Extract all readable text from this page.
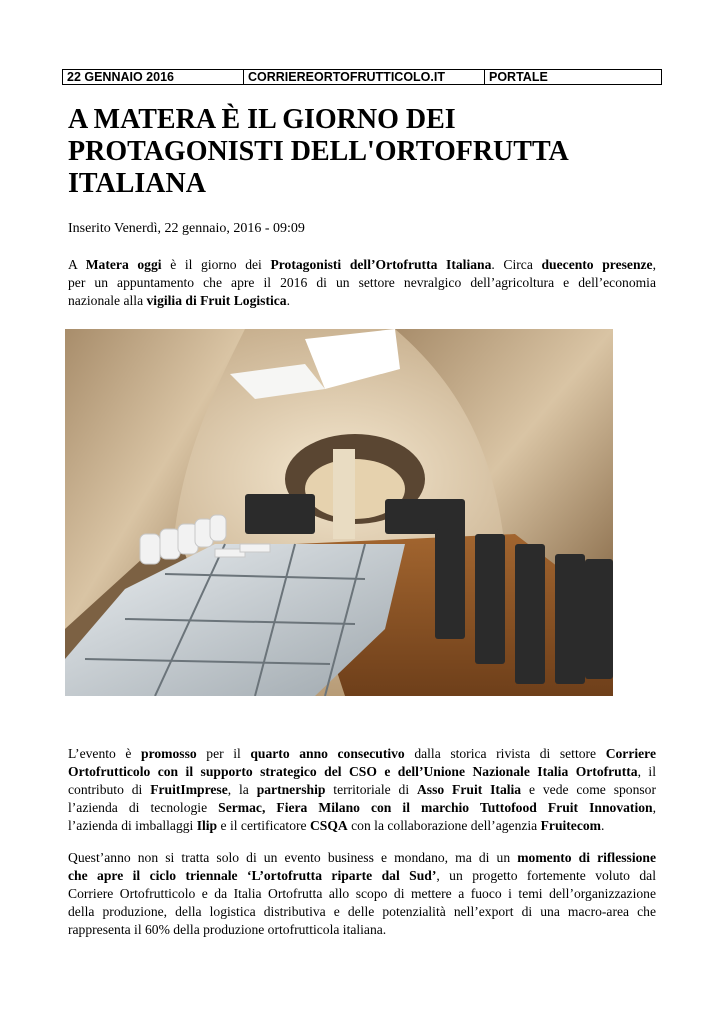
22 GENNAIO 2016	CORRIEREORTOFRUTTICOLO.IT	PORTALE
A MATERA È IL GIORNO DEI
PROTAGONISTI DELL'ORTOFRUTTA
ITALIANA
Inserito Venerdì, 22 gennaio, 2016 - 09:09

A Matera oggi è il giorno dei Protagonisti dell’Ortofrutta Italiana. Circa duecento presenze,
per un appuntamento che apre il 2016 di un settore nevralgico dell’agricoltura e dell’economia
nazionale alla vigilia di Fruit Logistica.

L’evento è promosso per il quarto anno consecutivo dalla storica rivista di settore Corriere
Ortofrutticolo con il supporto strategico del CSO e dell’Unione Nazionale Italia Ortofrutta, il
contributo di FruitImprese, la partnership territoriale di Asso Fruit Italia e vede come sponsor
l’azienda di tecnologie Sermac, Fiera Milano con il marchio Tuttofood Fruit Innovation,
l’azienda di imballaggi Ilip e il certificatore CSQA con la collaborazione dell’agenzia Fruitecom.

Quest’anno non si tratta solo di un evento business e mondano, ma di un momento di riflessione
che apre il ciclo triennale ‘L’ortofrutta riparte dal Sud’, un progetto fortemente voluto dal
Corriere Ortofrutticolo e da Italia Ortofrutta allo scopo di mettere a fuoco i temi dell’organizzazione
della produzione, della logistica distributiva e delle potenzialità nell’export di una macro-area che
rappresenta il 60% della produzione ortofrutticola italiana.
